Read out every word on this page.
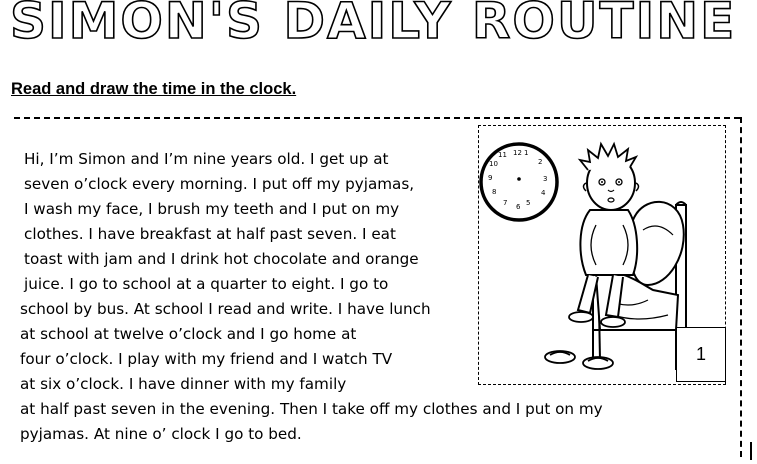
SIMON'S DAILY ROUTINE
Read and draw the time in the clock.
Hi, I’m Simon and I’m nine years old. I get up at
seven o’clock every morning. I put off my pyjamas,
I wash my face, I brush my teeth and I put on my
clothes. I have breakfast at half past seven. I eat
toast with jam and I drink hot chocolate and orange
juice. I go to school at a quarter to eight. I go to
school by bus. At school I read and write. I have lunch
at school at twelve o’clock and I go home at
four o’clock. I play with my friend and I watch TV
at six o’clock. I have dinner with my family
at half past seven in the evening. Then I take off my clothes and I put on my
pyjamas. At nine o’ clock I go to bed.
12 1
2
3
4
5
6
7
8
9
10
11
1
